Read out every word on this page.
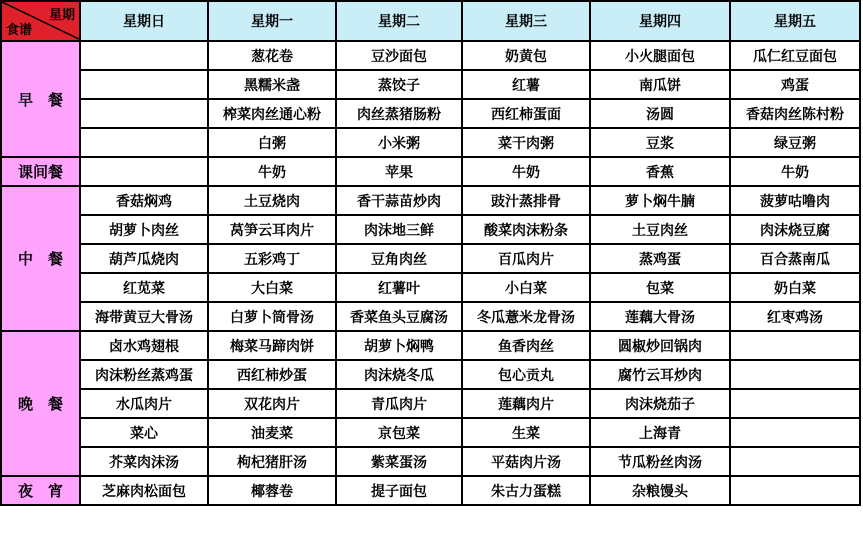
星期
食谱	星期日	星期一	星期二	星期三	星期四	星期五
早　餐		葱花卷	豆沙面包	奶黄包	小火腿面包	瓜仁红豆面包
		黑糯米盏	蒸饺子	红薯	南瓜饼	鸡蛋
		榨菜肉丝通心粉	肉丝蒸猪肠粉	西红柿蛋面	汤圆	香菇肉丝陈村粉
		白粥	小米粥	菜干肉粥	豆浆	绿豆粥
课间餐		牛奶	苹果	牛奶	香蕉	牛奶
中　餐	香菇焖鸡	土豆烧肉	香干蒜苗炒肉	豉汁蒸排骨	萝卜焖牛腩	菠萝咕噜肉
	胡萝卜肉丝	莴笋云耳肉片	肉沫地三鲜	酸菜肉沫粉条	土豆肉丝	肉沫烧豆腐
	葫芦瓜烧肉	五彩鸡丁	豆角肉丝	百瓜肉片	蒸鸡蛋	百合蒸南瓜
	红苋菜	大白菜	红薯叶	小白菜	包菜	奶白菜
	海带黄豆大骨汤	白萝卜筒骨汤	香菜鱼头豆腐汤	冬瓜薏米龙骨汤	莲藕大骨汤	红枣鸡汤
晚　餐	卤水鸡翅根	梅菜马蹄肉饼	胡萝卜焖鸭	鱼香肉丝	圆椒炒回锅肉	
	肉沫粉丝蒸鸡蛋	西红柿炒蛋	肉沫烧冬瓜	包心贡丸	腐竹云耳炒肉	
	水瓜肉片	双花肉片	青瓜肉片	莲藕肉片	肉沫烧茄子	
	菜心	油麦菜	京包菜	生菜	上海青	
	芥菜肉沫汤	枸杞猪肝汤	紫菜蛋汤	平菇肉片汤	节瓜粉丝肉汤	
夜　宵	芝麻肉松面包	椰蓉卷	提子面包	朱古力蛋糕	杂粮馒头	
